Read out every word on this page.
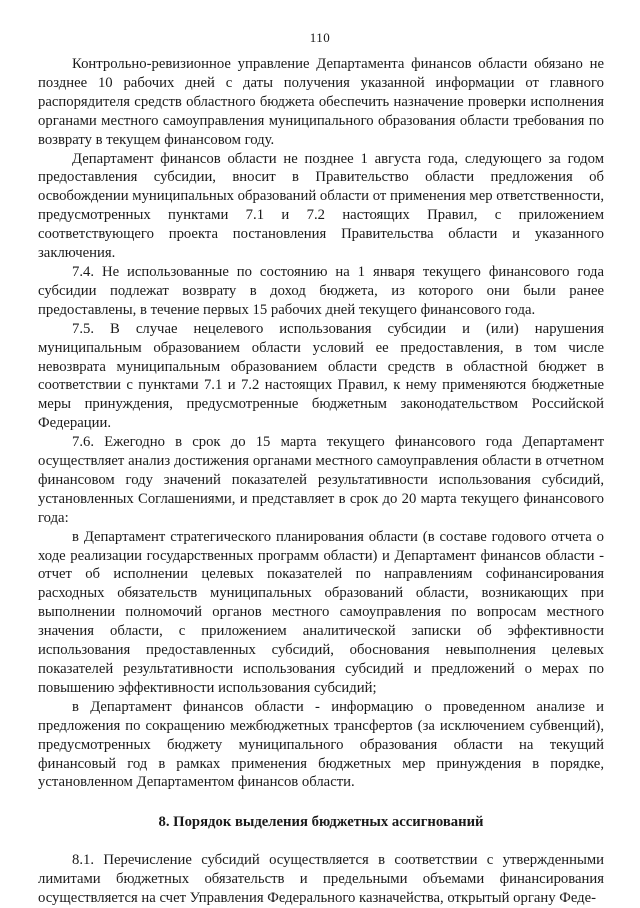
110

Контрольно-ревизионное управление Департамента финансов области обязано не позднее 10 рабочих дней с даты получения указанной информации от главного распорядителя средств областного бюджета обеспечить назначение проверки исполнения органами местного самоуправления муниципального образования области требования по возврату в текущем финансовом году.

Департамент финансов области не позднее 1 августа года, следующего за годом предоставления субсидии, вносит в Правительство области предложения об освобождении муниципальных образований области от применения мер ответственности, предусмотренных пунктами 7.1 и 7.2 настоящих Правил, с приложением соответствующего проекта постановления Правительства области и указанного заключения.

7.4. Не использованные по состоянию на 1 января текущего финансового года субсидии подлежат возврату в доход бюджета, из которого они были ранее предоставлены, в течение первых 15 рабочих дней текущего финансового года.

7.5. В случае нецелевого использования субсидии и (или) нарушения муниципальным образованием области условий ее предоставления, в том числе невозврата муниципальным образованием области средств в областной бюджет в соответствии с пунктами 7.1 и 7.2 настоящих Правил, к нему применяются бюджетные меры принуждения, предусмотренные бюджетным законодательством Российской Федерации.

7.6. Ежегодно в срок до 15 марта текущего финансового года Департамент осуществляет анализ достижения органами местного самоуправления области в отчетном финансовом году значений показателей результативности использования субсидий, установленных Соглашениями, и представляет в срок до 20 марта текущего финансового года:

в Департамент стратегического планирования области (в составе годового отчета о ходе реализации государственных программ области) и Департамент финансов области - отчет об исполнении целевых показателей по направлениям софинансирования расходных обязательств муниципальных образований области, возникающих при выполнении полномочий органов местного самоуправления по вопросам местного значения области, с приложением аналитической записки об эффективности использования предоставленных субсидий, обоснования невыполнения целевых показателей результативности использования субсидий и предложений о мерах по повышению эффективности использования субсидий;

в Департамент финансов области - информацию о проведенном анализе и предложения по сокращению межбюджетных трансфертов (за исключением субвенций), предусмотренных бюджету муниципального образования области на текущий финансовый год в рамках применения бюджетных мер принуждения в порядке, установленном Департаментом финансов области.

8. Порядок выделения бюджетных ассигнований

8.1. Перечисление субсидий осуществляется в соответствии с утвержденными лимитами бюджетных обязательств и предельными объемами финансирования осуществляется на счет Управления Федерального казначейства, открытый органу Феде-
